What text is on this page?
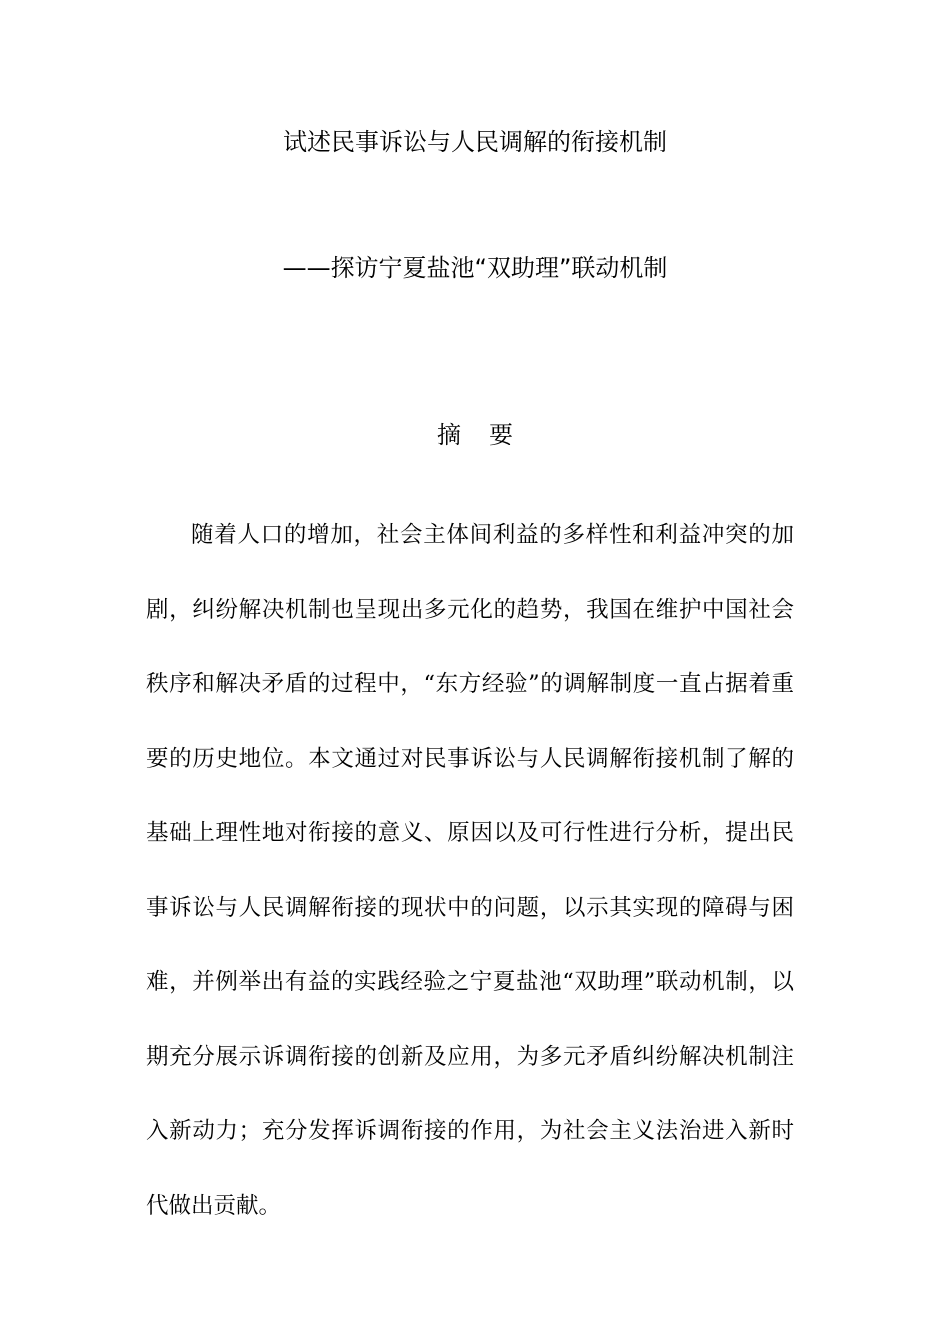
试述民事诉讼与人民调解的衔接机制
——探访宁夏盐池“双助理”联动机制
摘要

随着人口的增加，社会主体间利益的多样性和利益冲突的加剧，纠纷解决机制也呈现出多元化的趋势，我国在维护中国社会秩序和解决矛盾的过程中，“东方经验”的调解制度一直占据着重要的历史地位。本文通过对民事诉讼与人民调解衔接机制了解的基础上理性地对衔接的意义、原因以及可行性进行分析，提出民事诉讼与人民调解衔接的现状中的问题，以示其实现的障碍与困难，并例举出有益的实践经验之宁夏盐池“双助理”联动机制，以期充分展示诉调衔接的创新及应用，为多元矛盾纠纷解决机制注入新动力；充分发挥诉调衔接的作用，为社会主义法治进入新时代做出贡献。
